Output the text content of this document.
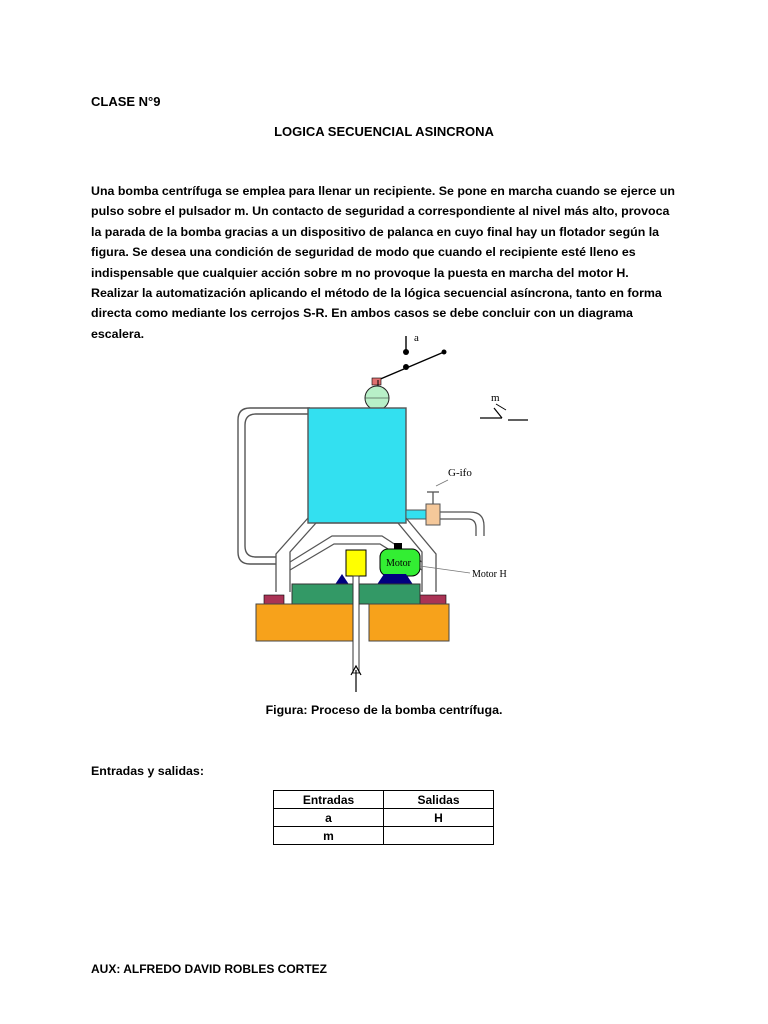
CLASE N°9
LOGICA SECUENCIAL ASINCRONA
Una bomba centrífuga se emplea para llenar un recipiente. Se pone en marcha cuando se ejerce un pulso sobre el pulsador m. Un contacto de seguridad a correspondiente al nivel más alto, provoca la parada de la bomba gracias a un dispositivo de palanca en cuyo final hay un flotador según la figura. Se desea una condición de seguridad de modo que cuando el recipiente esté lleno es indispensable que cualquier acción sobre m no provoque la puesta en marcha del motor H. Realizar la automatización aplicando el método de la lógica secuencial asíncrona, tanto en forma directa como mediante los cerrojos S-R. En ambos casos se debe concluir con un diagrama escalera.	a
G-ifo
m
Motor
Motor H
Figura: Proceso de la bomba centrífuga.
Entradas y salidas:
Entradas	Salidas
a	H
m	
AUX: ALFREDO DAVID ROBLES CORTEZ
